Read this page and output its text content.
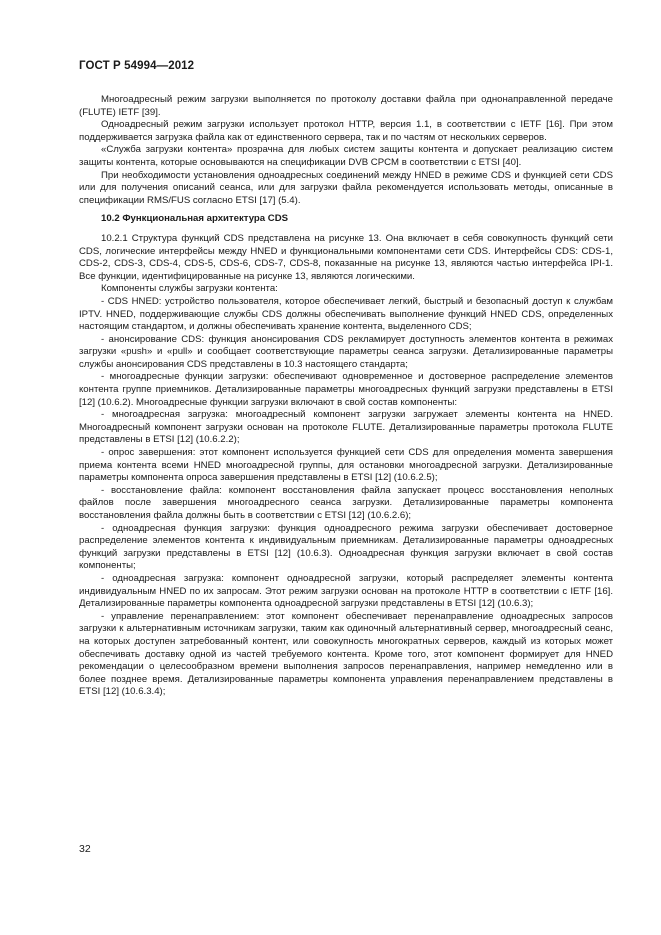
ГОСТ Р 54994—2012

Многоадресный режим загрузки выполняется по протоколу доставки файла при однонаправленной передаче (FLUTE) IETF [39].

Одноадресный режим загрузки использует протокол HTTP, версия 1.1, в соответствии с IETF [16]. При этом поддерживается загрузка файла как от единственного сервера, так и по частям от нескольких серверов.

«Служба загрузки контента» прозрачна для любых систем защиты контента и допускает реализацию систем защиты контента, которые основываются на спецификации DVB CPCM в соответствии с ETSI [40].

При необходимости установления одноадресных соединений между HNED в режиме CDS и функцией сети CDS или для получения описаний сеанса, или для загрузки файла рекомендуется использовать методы, описанные в спецификации RMS/FUS согласно ETSI [17] (5.4).

10.2 Функциональная архитектура CDS

10.2.1 Структура функций CDS представлена на рисунке 13. Она включает в себя совокупность функций сети CDS, логические интерфейсы между HNED и функциональными компонентами сети CDS. Интерфейсы CDS: CDS-1, CDS-2, CDS-3, CDS-4, CDS-5, CDS-6, CDS-7, CDS-8, показанные на рисунке 13, являются частью интерфейса IPI-1. Все функции, идентифицированные на рисунке 13, являются логическими.

Компоненты службы загрузки контента:

- CDS HNED: устройство пользователя, которое обеспечивает легкий, быстрый и безопасный доступ к службам IPTV. HNED, поддерживающие службы CDS должны обеспечивать выполнение функций HNED CDS, определенных настоящим стандартом, и должны обеспечивать хранение контента, выделенного CDS;

- анонсирование CDS: функция анонсирования CDS рекламирует доступность элементов контента в режимах загрузки «push» и «pull» и сообщает соответствующие параметры сеанса загрузки. Детализированные параметры службы анонсирования CDS представлены в 10.3 настоящего стандарта;

- многоадресные функции загрузки: обеспечивают одновременное и достоверное распределение элементов контента группе приемников. Детализированные параметры многоадресных функций загрузки представлены в ETSI [12] (10.6.2). Многоадресные функции загрузки включают в свой состав компоненты:

- многоадресная загрузка: многоадресный компонент загрузки загружает элементы контента на HNED. Многоадресный компонент загрузки основан на протоколе FLUTE. Детализированные параметры протокола FLUTE представлены в ETSI [12] (10.6.2.2);

- опрос завершения: этот компонент используется функцией сети CDS для определения момента завершения приема контента всеми HNED многоадресной группы, для остановки многоадресной загрузки. Детализированные параметры компонента опроса завершения представлены в ETSI [12] (10.6.2.5);

- восстановление файла: компонент восстановления файла запускает процесс восстановления неполных файлов после завершения многоадресного сеанса загрузки. Детализированные параметры компонента восстановления файла должны быть в соответствии с ETSI [12] (10.6.2.6);

- одноадресная функция загрузки: функция одноадресного режима загрузки обеспечивает достоверное распределение элементов контента к индивидуальным приемникам. Детализированные параметры одноадресных функций загрузки представлены в ETSI [12] (10.6.3). Одноадресная функция загрузки включает в свой состав компоненты;

- одноадресная загрузка: компонент одноадресной загрузки, который распределяет элементы контента индивидуальным HNED по их запросам. Этот режим загрузки основан на протоколе HTTP в соответствии с IETF [16]. Детализированные параметры компонента одноадресной загрузки представлены в ETSI [12] (10.6.3);

- управление перенаправлением: этот компонент обеспечивает перенаправление одноадресных запросов загрузки к альтернативным источникам загрузки, таким как одиночный альтернативный сервер, многоадресный сеанс, на которых доступен затребованный контент, или совокупность многократных серверов, каждый из которых может обеспечивать доставку одной из частей требуемого контента. Кроме того, этот компонент формирует для HNED рекомендации о целесообразном времени выполнения запросов перенаправления, например немедленно или в более позднее время. Детализированные параметры компонента управления перенаправлением представлены в ETSI [12] (10.6.3.4);

32
